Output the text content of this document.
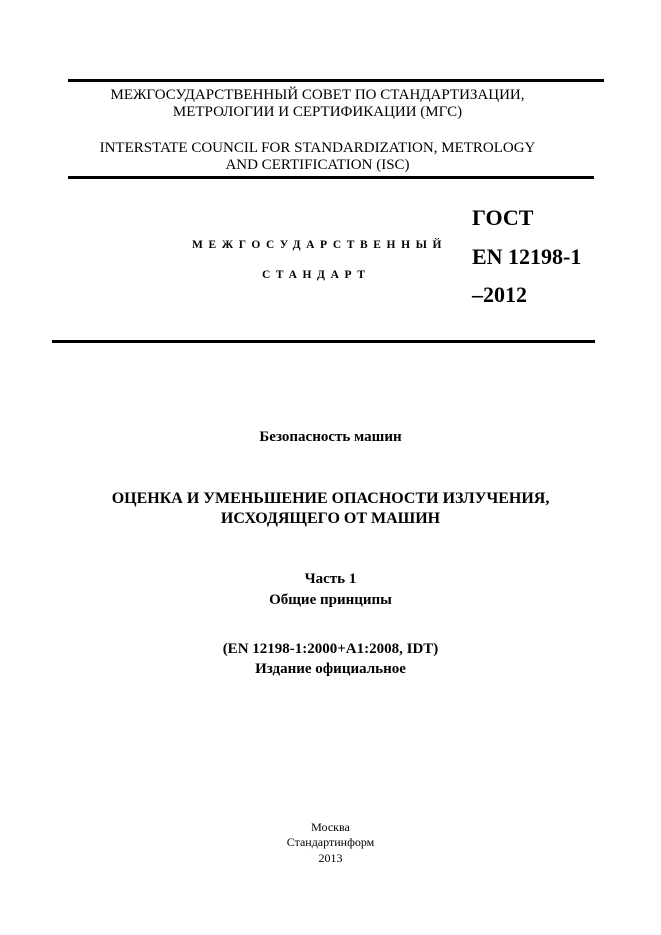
МЕЖГОСУДАРСТВЕННЫЙ СОВЕТ ПО СТАНДАРТИЗАЦИИ,
МЕТРОЛОГИИ И СЕРТИФИКАЦИИ (МГС)
INTERSTATE COUNCIL FOR STANDARDIZATION, METROLOGY
AND CERTIFICATION (ISC)
МЕЖГОСУДАРСТВЕННЫЙ
СТАНДАРТ
ГОСТ
EN 12198-1
–2012
Безопасность машин
ОЦЕНКА И УМЕНЬШЕНИЕ ОПАСНОСТИ ИЗЛУЧЕНИЯ,
ИСХОДЯЩЕГО ОТ МАШИН
Часть 1
Общие принципы
(EN 12198-1:2000+A1:2008, IDT)
Издание официальное
Москва
Стандартинформ
2013
